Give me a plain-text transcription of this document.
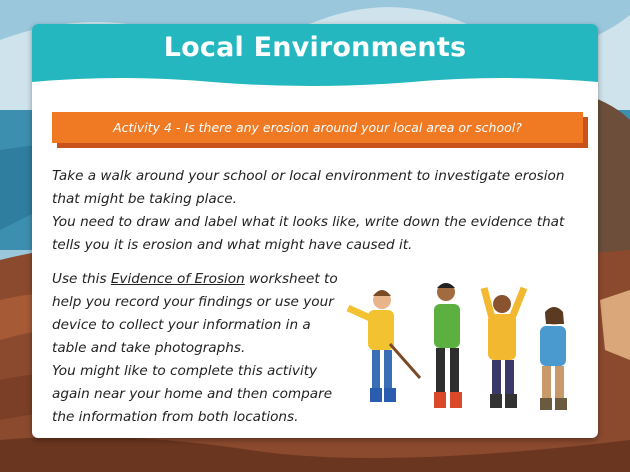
Local Environments
Activity 4 - Is there any erosion around your local area or school?
Take a walk around your school or local environment to investigate erosion that might be taking place.
You need to draw and label what it looks like, write down the evidence that tells you it is erosion and what might have caused it.
Use this Evidence of Erosion worksheet to help you record your findings or use your device to collect your information in a table and take photographs.
You might like to complete this activity again near your home and then compare the information from both locations.
